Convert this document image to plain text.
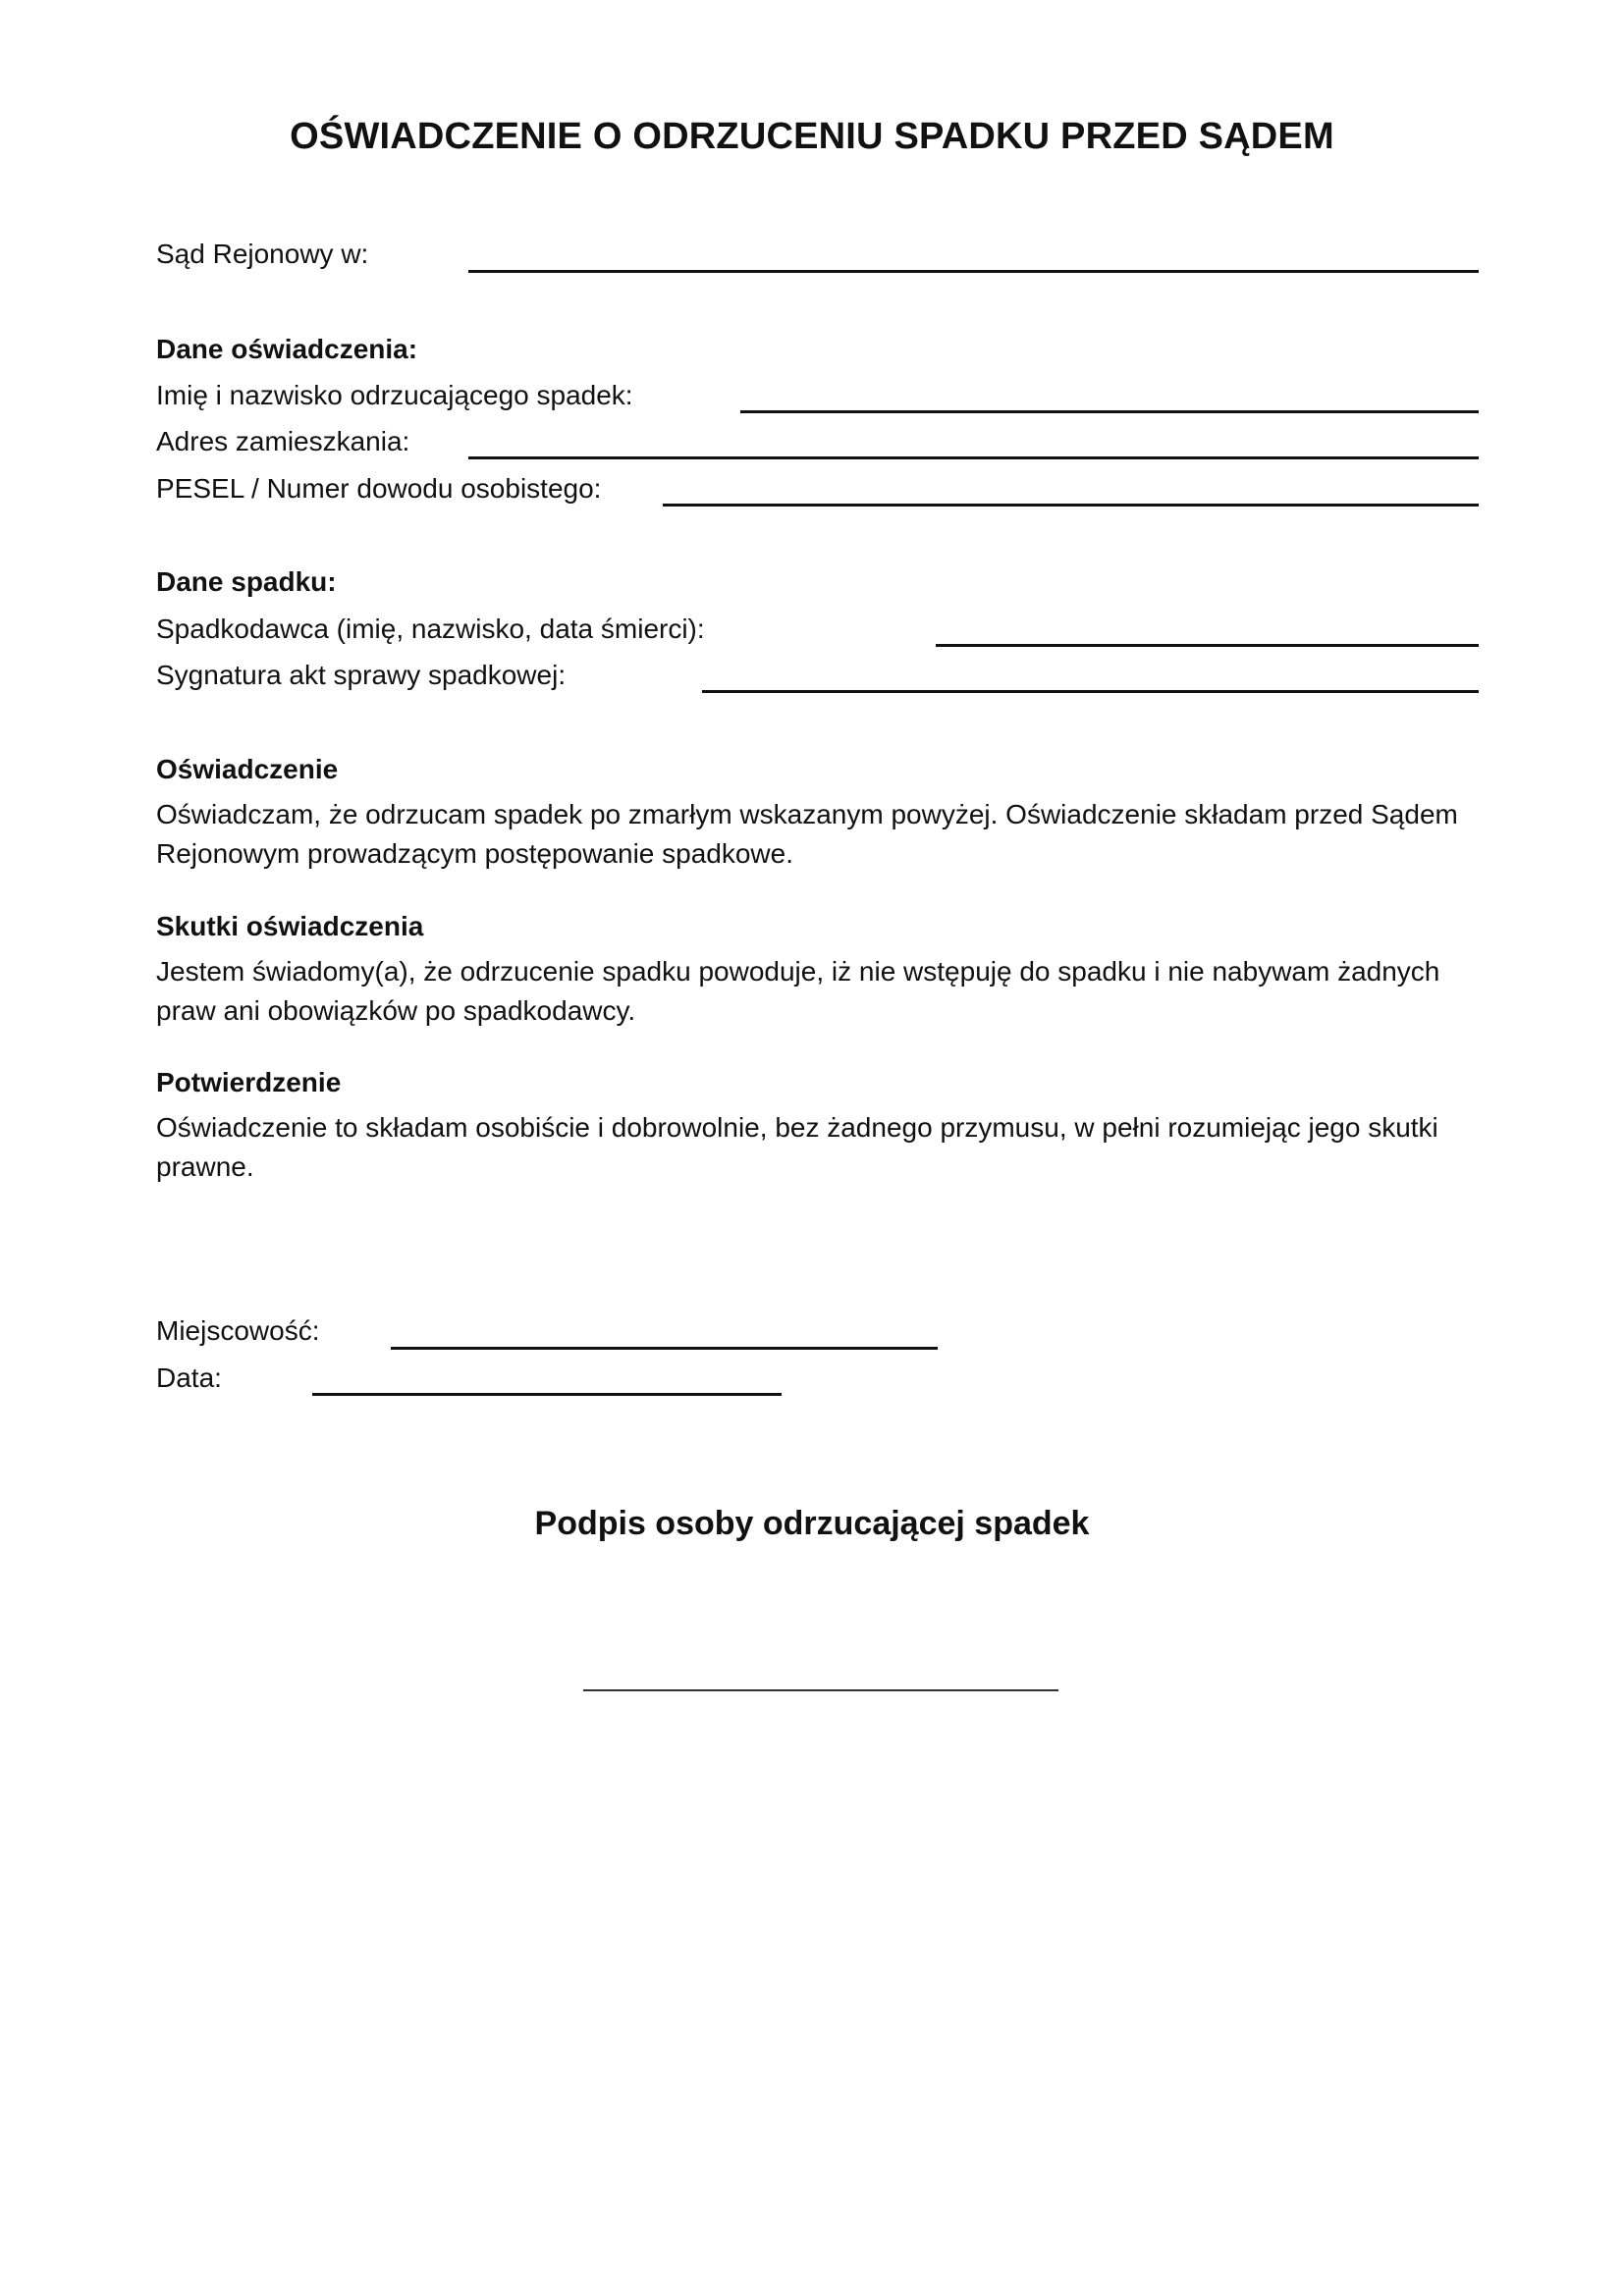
OŚWIADCZENIE O ODRZUCENIU SPADKU PRZED SĄDEM
Sąd Rejonowy w:
Dane oświadczenia:
Imię i nazwisko odrzucającego spadek:
Adres zamieszkania:
PESEL / Numer dowodu osobistego:
Dane spadku:
Spadkodawca (imię, nazwisko, data śmierci):
Sygnatura akt sprawy spadkowej:
Oświadczenie
Oświadczam, że odrzucam spadek po zmarłym wskazanym powyżej. Oświadczenie składam przed Sądem Rejonowym prowadzącym postępowanie spadkowe.
Skutki oświadczenia
Jestem świadomy(a), że odrzucenie spadku powoduje, iż nie wstępuję do spadku i nie nabywam żadnych praw ani obowiązków po spadkodawcy.
Potwierdzenie
Oświadczenie to składam osobiście i dobrowolnie, bez żadnego przymusu, w pełni rozumiejąc jego skutki prawne.
Miejscowość:
Data:
Podpis osoby odrzucającej spadek
